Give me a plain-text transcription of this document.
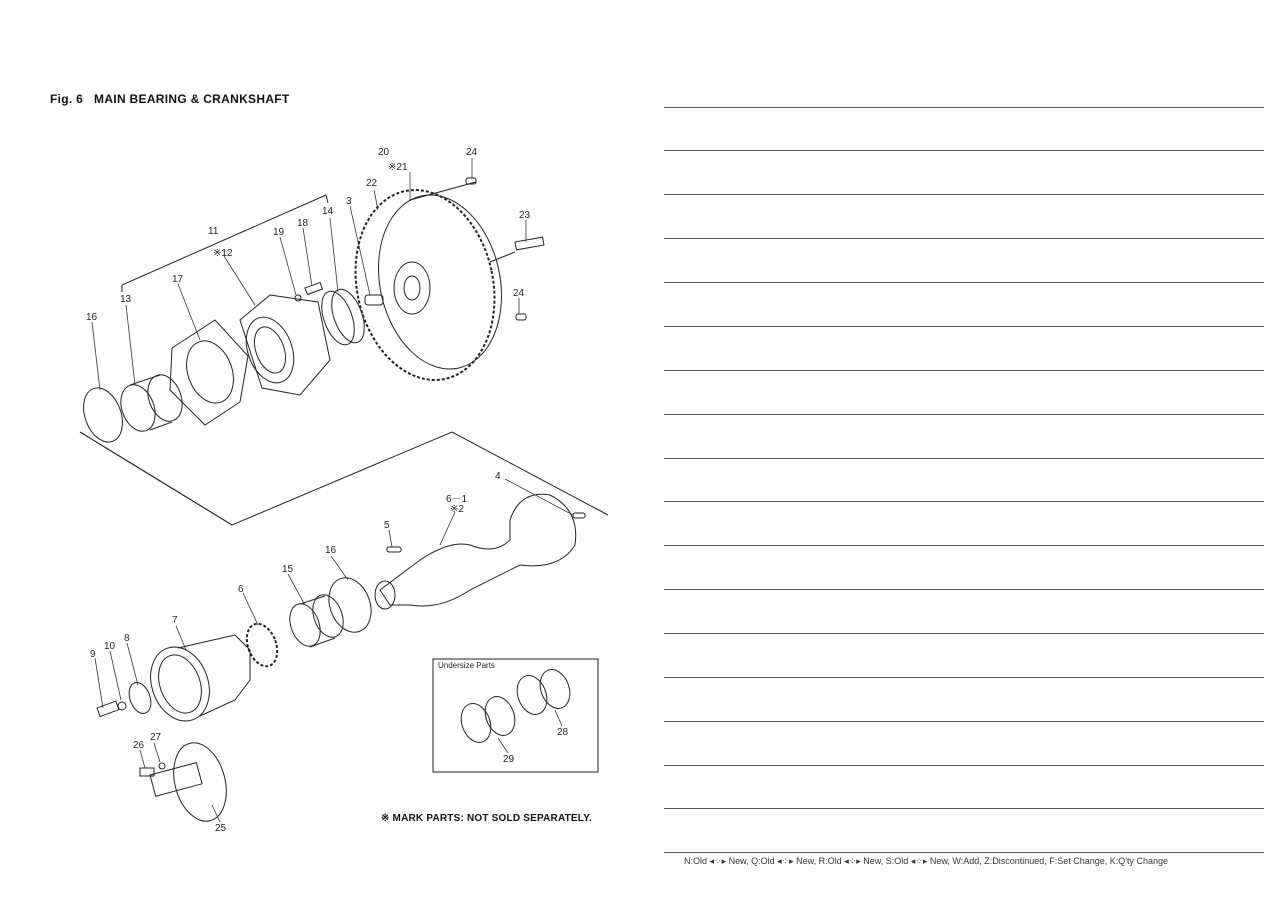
Fig. 6 MAIN BEARING & CRANKSHAFT
Undersize Parts
16
13
17
11
※12
19
18
14
3
22
20
※21
24
23
24
4
6－1
※2
5
16
15
6
7
8
10
9
26
27
25
29
28
※ MARK PARTS: NOT SOLD SEPARATELY.
N:Old ◂⁘▸ New, Q:Old ◂⁘▸ New, R:Old ◂⁘▸ New, S:Old ◂⁘▸ New, W:Add, Z:Discontinued, F:Set Change, K:Q'ty Change
